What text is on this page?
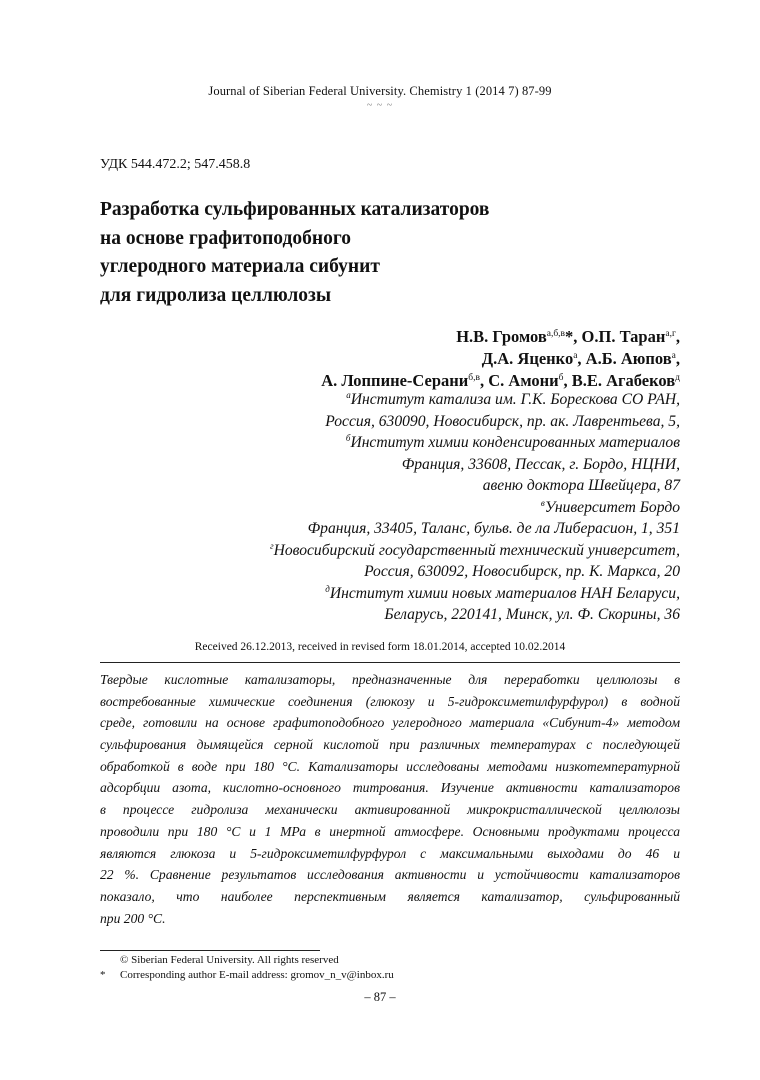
Journal of Siberian Federal University. Chemistry 1 (2014 7) 87-99
~ ~ ~
УДК 544.472.2; 547.458.8
Разработка сульфированных катализаторов
на основе графитоподобного
углеродного материала сибунит
для гидролиза целлюлозы
Н.В. Громов$^{а,б,в}$*, О.П. Таран$^{а,г}$,
Д.А. Яценко$^а$, А.Б. Аюпов$^а$,
А. Лоппине-Серани$^{б,в}$, С. Амони$^б$, В.Е. Агабеков$^д$
$^а$Институт катализа им. Г.К. Борескова СО РАН,
Россия, 630090, Новосибирск, пр. ак. Лаврентьева, 5,
$^б$Институт химии конденсированных материалов
Франция, 33608, Пессак, г. Бордо, НЦНИ,
авеню доктора Швейцера, 87
$^в$Университет Бордо
Франция, 33405, Таланс, бульв. де ла Либерасион, 1, 351
$^г$Новосибирский государственный технический университет,
Россия, 630092, Новосибирск, пр. К. Маркса, 20
$^д$Институт химии новых материалов НАН Беларуси,
Беларусь, 220141, Минск, ул. Ф. Скорины, 36
Received 26.12.2013, received in revised form 18.01.2014, accepted 10.02.2014
Твердые кислотные катализаторы, предназначенные для переработки целлюлозы в
востребованные химические соединения (глюкозу и 5-гидроксиметилфурфурол) в водной
среде, готовили на основе графитоподобного углеродного материала «Сибунит-4» методом
сульфирования дымящейся серной кислотой при различных температурах с последующей
обработкой в воде при 180 °С. Катализаторы исследованы методами низкотемпературной
адсорбции азота, кислотно-основного титрования. Изучение активности катализаторов
в процессе гидролиза механически активированной микрокристаллической целлюлозы
проводили при 180 °С и 1 МРа в инертной атмосфере. Основными продуктами процесса
являются глюкоза и 5-гидроксиметилфурфурол с максимальными выходами до 46 и
22 %. Сравнение результатов исследования активности и устойчивости катализаторов
показало, что наиболее перспективным является катализатор, сульфированный
при 200 °С.
© Siberian Federal University. All rights reserved
* Corresponding author E-mail address: gromov_n_v@inbox.ru
– 87 –
